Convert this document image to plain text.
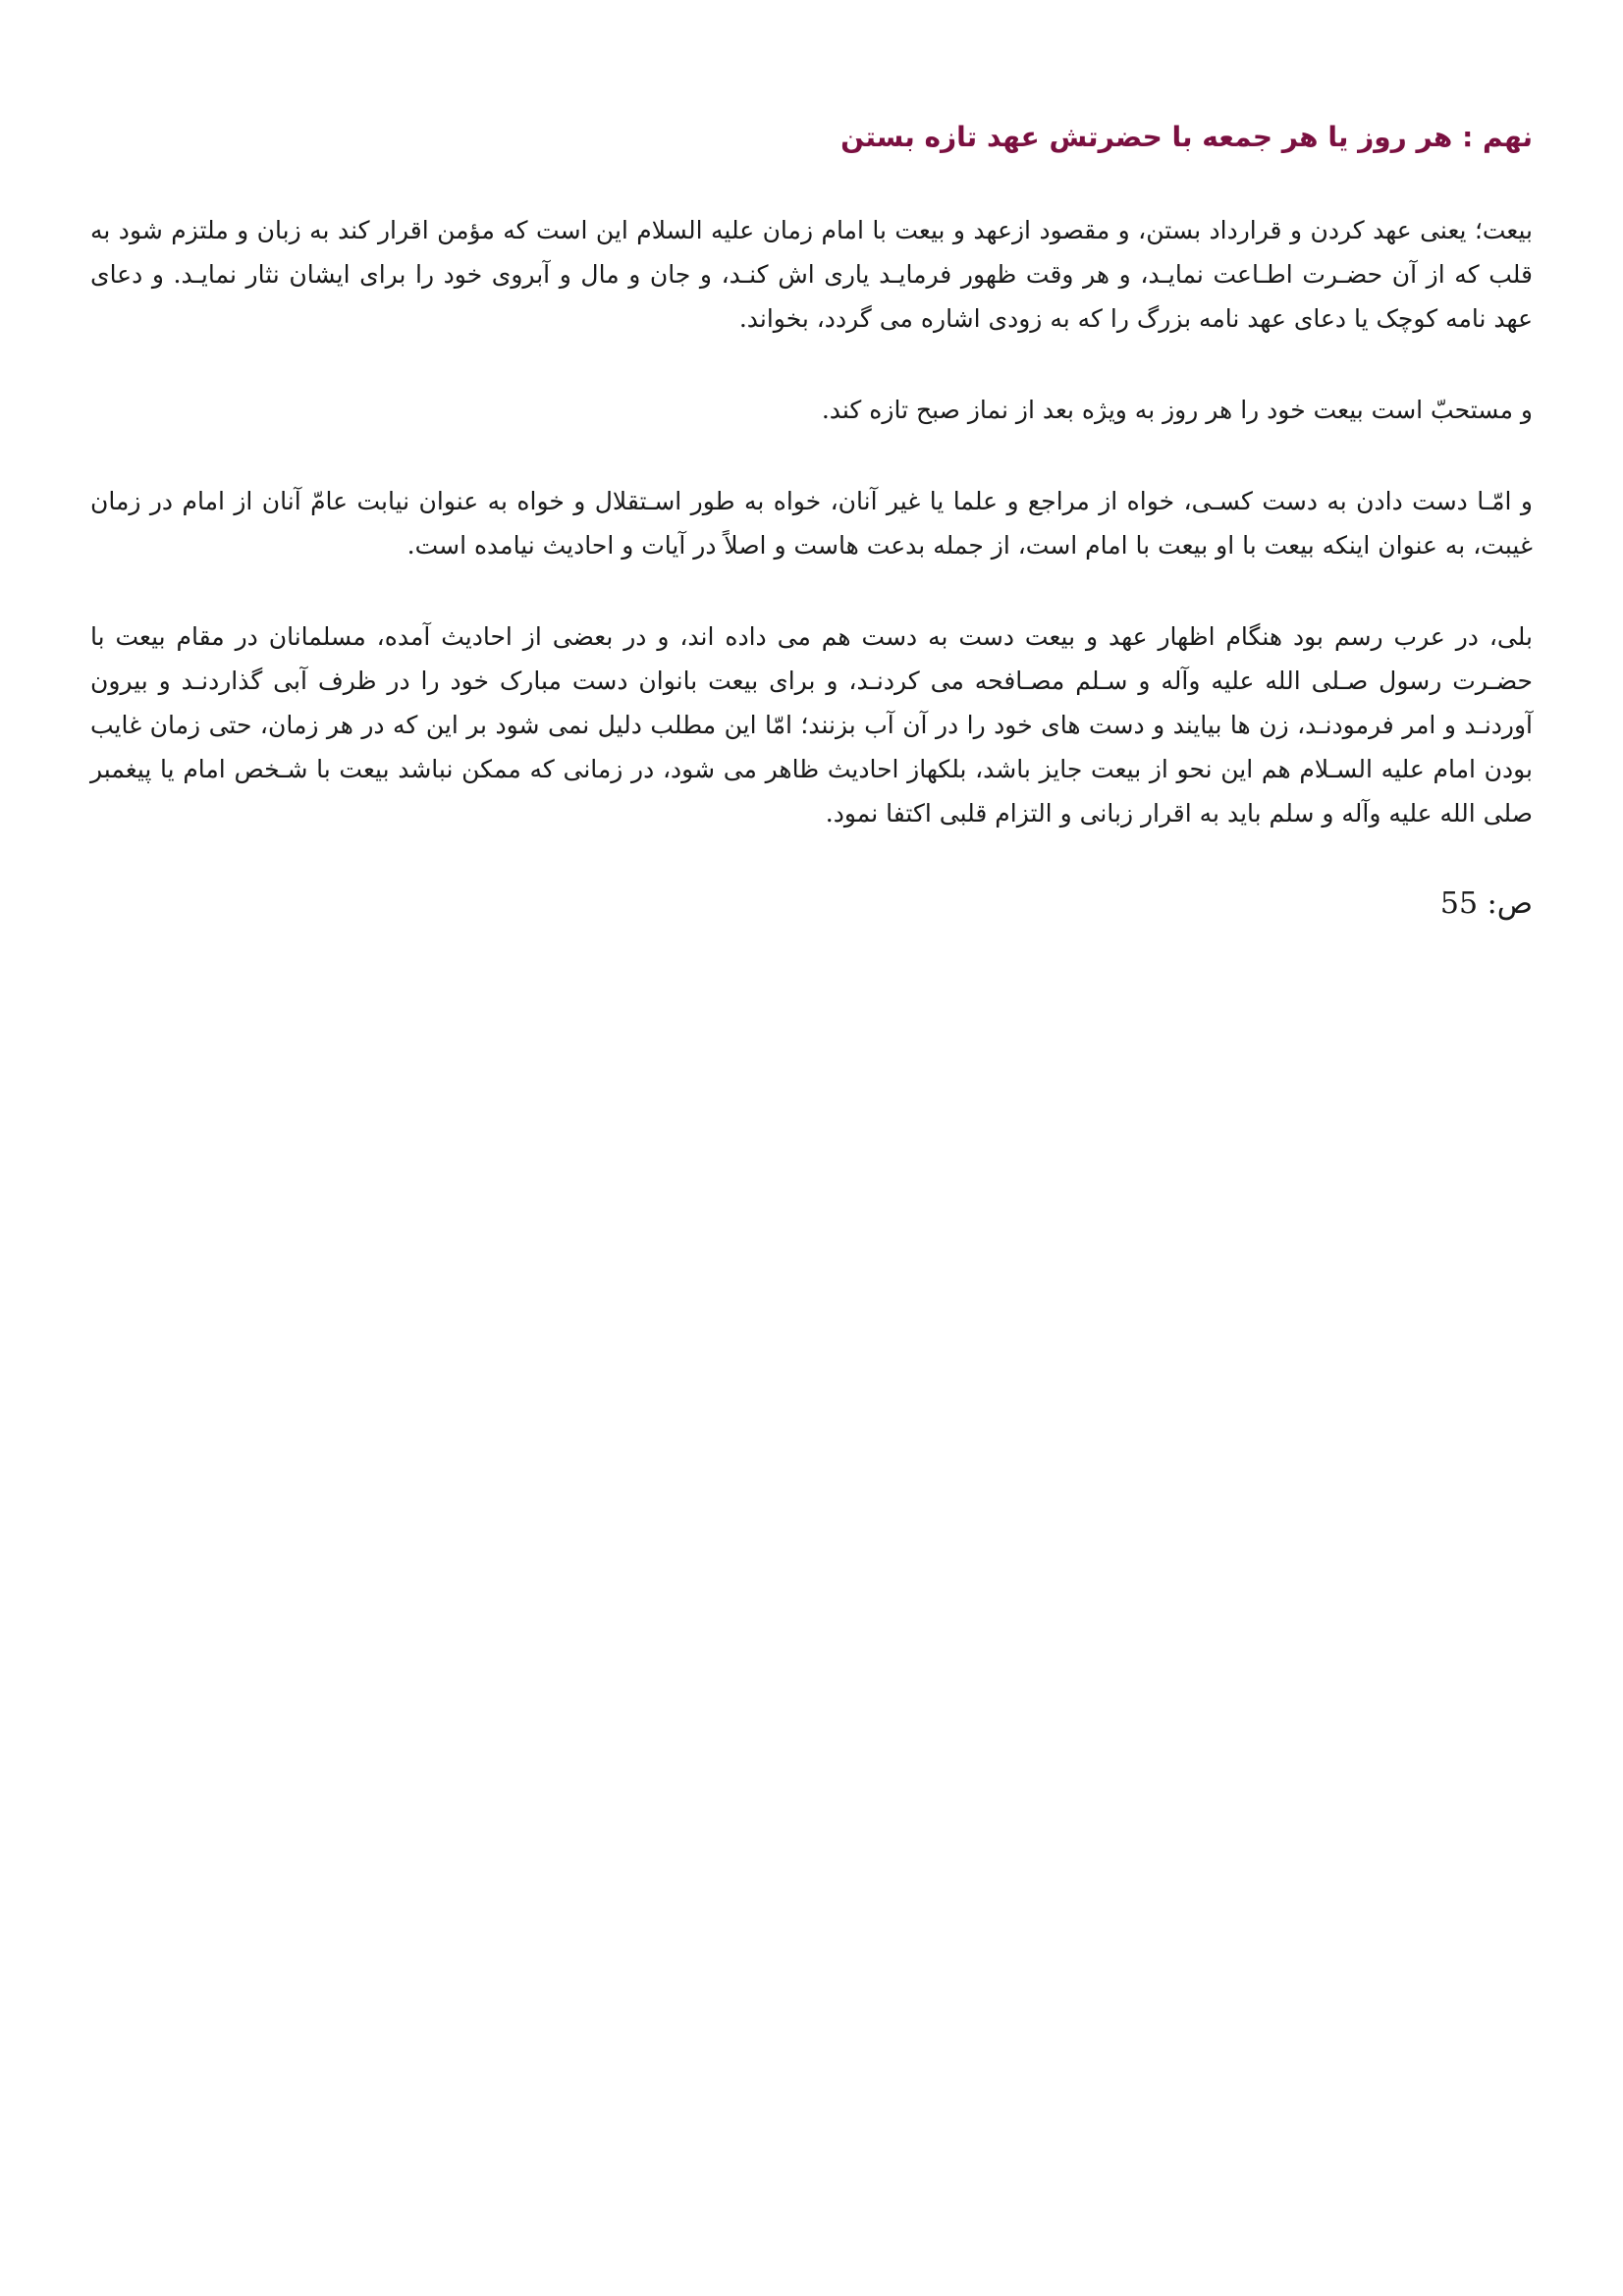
نهم : هر روز یا هر جمعه با حضرتش عهد تازه بستن

بیعت؛ یعنی عهد کردن و قرارداد بستن، و مقصود ازعهد و بیعت با امام زمان علیه السلام این است که مؤمن اقرار کند به زبان و ملتزم شود به قلب که از آن حضـرت اطـاعت نمایـد، و هر وقت ظهور فرمایـد یاری اش کنـد، و جان و مال و آبروی خود را برای ایشان نثار نمایـد. و دعای عهد نامه کوچک یا دعای عهد نامه بزرگ را که به زودی اشاره می گردد، بخواند.

و مستحبّ است بیعت خود را هر روز به ویژه بعد از نماز صبح تازه کند.

و امّـا دست دادن به دست کسـی، خواه از مراجع و علما یا غیر آنان، خواه به طور اسـتقلال و خواه به عنوان نیابت عامّ آنان از امام در زمان غیبت، به عنوان اینکه بیعت با او بیعت با امام است، از جمله بدعت هاست و اصلاً در آیات و احادیث نیامده است.

بلی، در عرب رسم بود هنگام اظهار عهد و بیعت دست به دست هم می داده اند، و در بعضی از احادیث آمده، مسلمانان در مقام بیعت با حضـرت رسول صـلی الله علیه وآله و سـلم مصـافحه می کردنـد، و برای بیعت بانوان دست مبارک خود را در ظرف آبی گذاردنـد و بیرون آوردنـد و امر فرمودنـد، زن ها بیایند و دست های خود را در آن آب بزنند؛ امّا این مطلب دلیل نمی شود بر این که در هر زمان، حتی زمان غایب بودن امام علیه السـلام هم این نحو از بیعت جایز باشد، بلکهاز احادیث ظاهر می شود، در زمانی که ممکن نباشد بیعت با شـخص امام یا پیغمبر صلی الله علیه وآله و سلم باید به اقرار زبانی و التزام قلبی اکتفا نمود.

ص: 55
